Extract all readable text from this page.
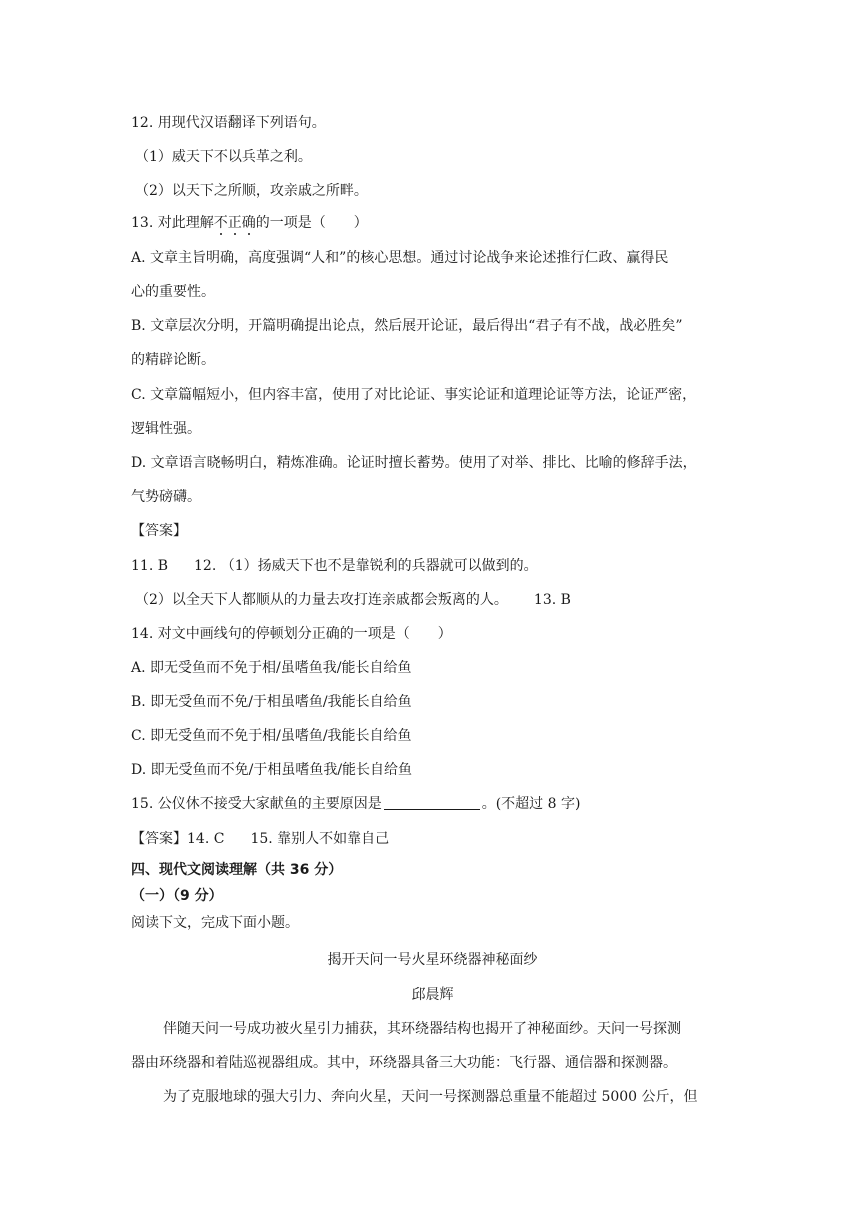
12. 用现代汉语翻译下列语句。
（1）威天下不以兵革之利。
（2）以天下之所顺，攻亲戚之所畔。
13. 对此理解不正确的一项是（　　）
A. 文章主旨明确，高度强调“人和”的核心思想。通过讨论战争来论述推行仁政、赢得民
心的重要性。
B. 文章层次分明，开篇明确提出论点，然后展开论证，最后得出“君子有不战，战必胜矣”
的精辟论断。
C. 文章篇幅短小，但内容丰富，使用了对比论证、事实论证和道理论证等方法，论证严密，
逻辑性强。
D. 文章语言晓畅明白，精炼准确。论证时擅长蓄势。使用了对举、排比、比喻的修辞手法，
气势磅礴。
【答案】
11. B 12. （1）扬威天下也不是靠锐利的兵器就可以做到的。
（2）以全天下人都顺从的力量去攻打连亲戚都会叛离的人。 13. B
14. 对文中画线句的停顿划分正确的一项是（　　）
A. 即无受鱼而不免于相/虽嗜鱼我/能长自给鱼
B. 即无受鱼而不免/于相虽嗜鱼/我能长自给鱼
C. 即无受鱼而不免于相/虽嗜鱼/我能长自给鱼
D. 即无受鱼而不免/于相虽嗜鱼我/能长自给鱼
15. 公仪休不接受大家献鱼的主要原因是	。(不超过 8 字)
【答案】14. C 15. 靠别人不如靠自己
四、现代文阅读理解（共 36 分）
（一）（9 分）
阅读下文，完成下面小题。
揭开天问一号火星环绕器神秘面纱
邱晨辉
伴随天问一号成功被火星引力捕获，其环绕器结构也揭开了神秘面纱。天问一号探测
器由环绕器和着陆巡视器组成。其中，环绕器具备三大功能：飞行器、通信器和探测器。
为了克服地球的强大引力、奔向火星，天问一号探测器总重量不能超过 5000 公斤，但
